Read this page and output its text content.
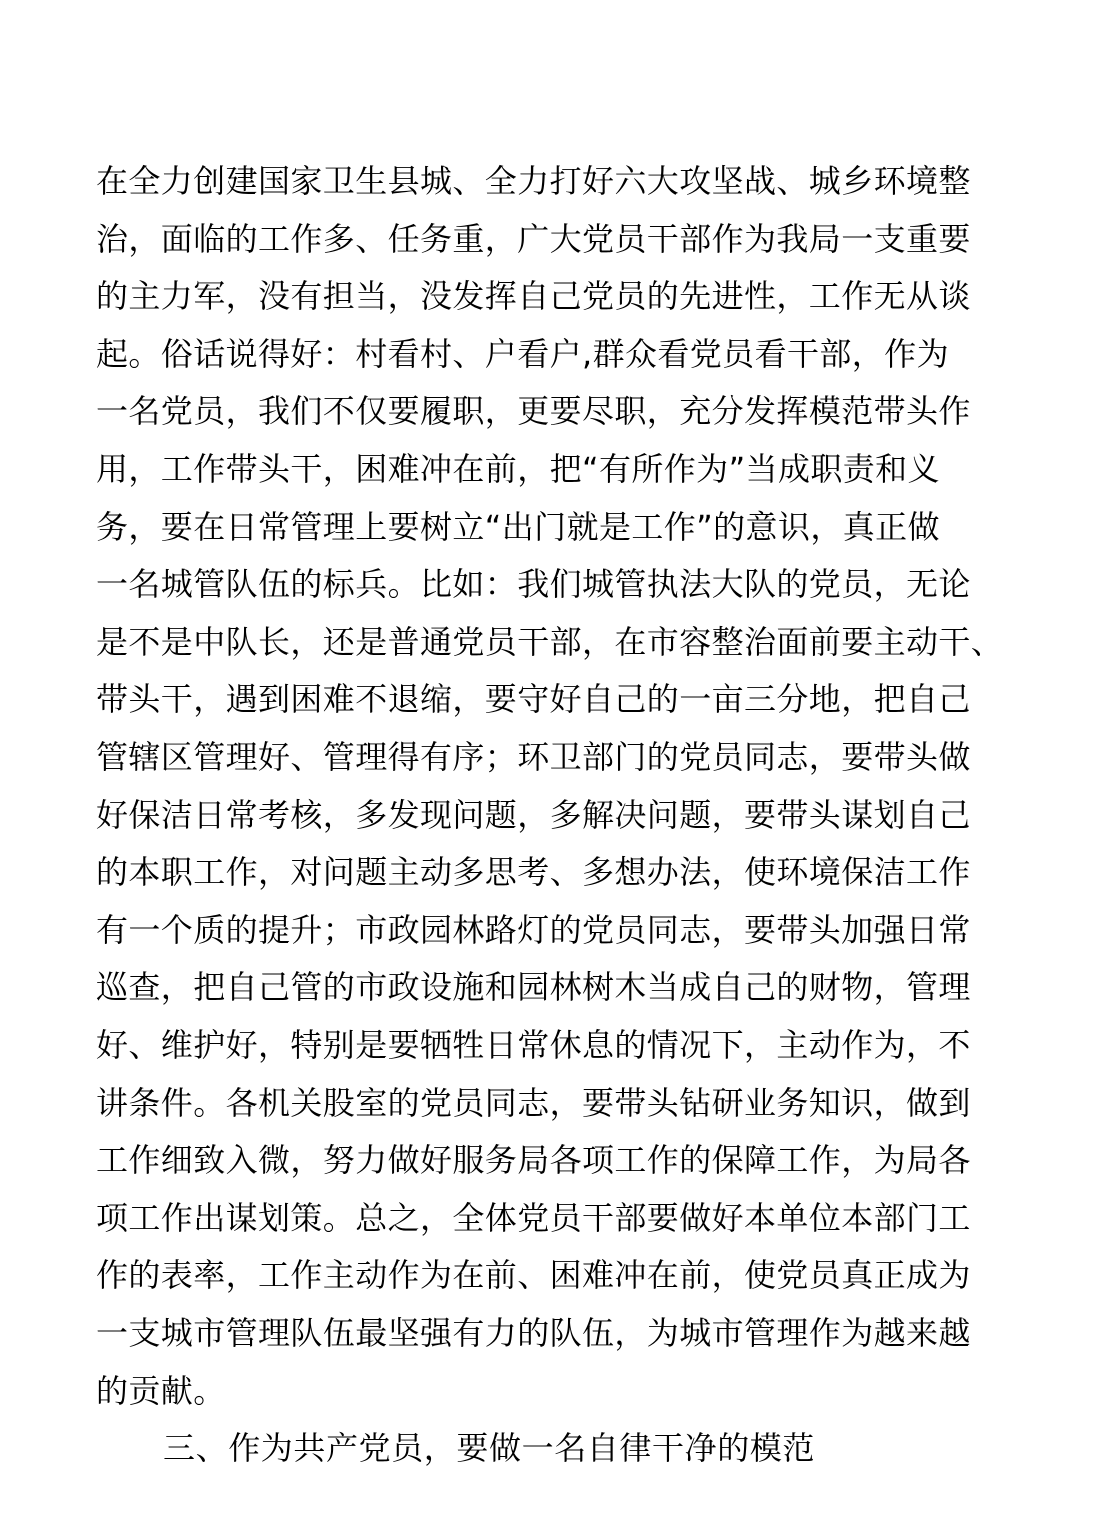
在全力创建国家卫生县城、全力打好六大攻坚战、城乡环境整
治，面临的工作多、任务重，广大党员干部作为我局一支重要
的主力军，没有担当，没发挥自己党员的先进性，工作无从谈
起。俗话说得好：村看村、户看户,群众看党员看干部，作为
一名党员，我们不仅要履职，更要尽职，充分发挥模范带头作
用，工作带头干，困难冲在前，把“有所作为”当成职责和义
务，要在日常管理上要树立“出门就是工作”的意识，真正做
一名城管队伍的标兵。比如：我们城管执法大队的党员，无论
是不是中队长，还是普通党员干部，在市容整治面前要主动干、
带头干，遇到困难不退缩，要守好自己的一亩三分地，把自己
管辖区管理好、管理得有序；环卫部门的党员同志，要带头做
好保洁日常考核，多发现问题，多解决问题，要带头谋划自己
的本职工作，对问题主动多思考、多想办法，使环境保洁工作
有一个质的提升；市政园林路灯的党员同志，要带头加强日常
巡查，把自己管的市政设施和园林树木当成自己的财物，管理
好、维护好，特别是要牺牲日常休息的情况下，主动作为，不
讲条件。各机关股室的党员同志，要带头钻研业务知识，做到
工作细致入微，努力做好服务局各项工作的保障工作，为局各
项工作出谋划策。总之，全体党员干部要做好本单位本部门工
作的表率，工作主动作为在前、困难冲在前，使党员真正成为
一支城市管理队伍最坚强有力的队伍，为城市管理作为越来越
的贡献。
三、作为共产党员，要做一名自律干净的模范
